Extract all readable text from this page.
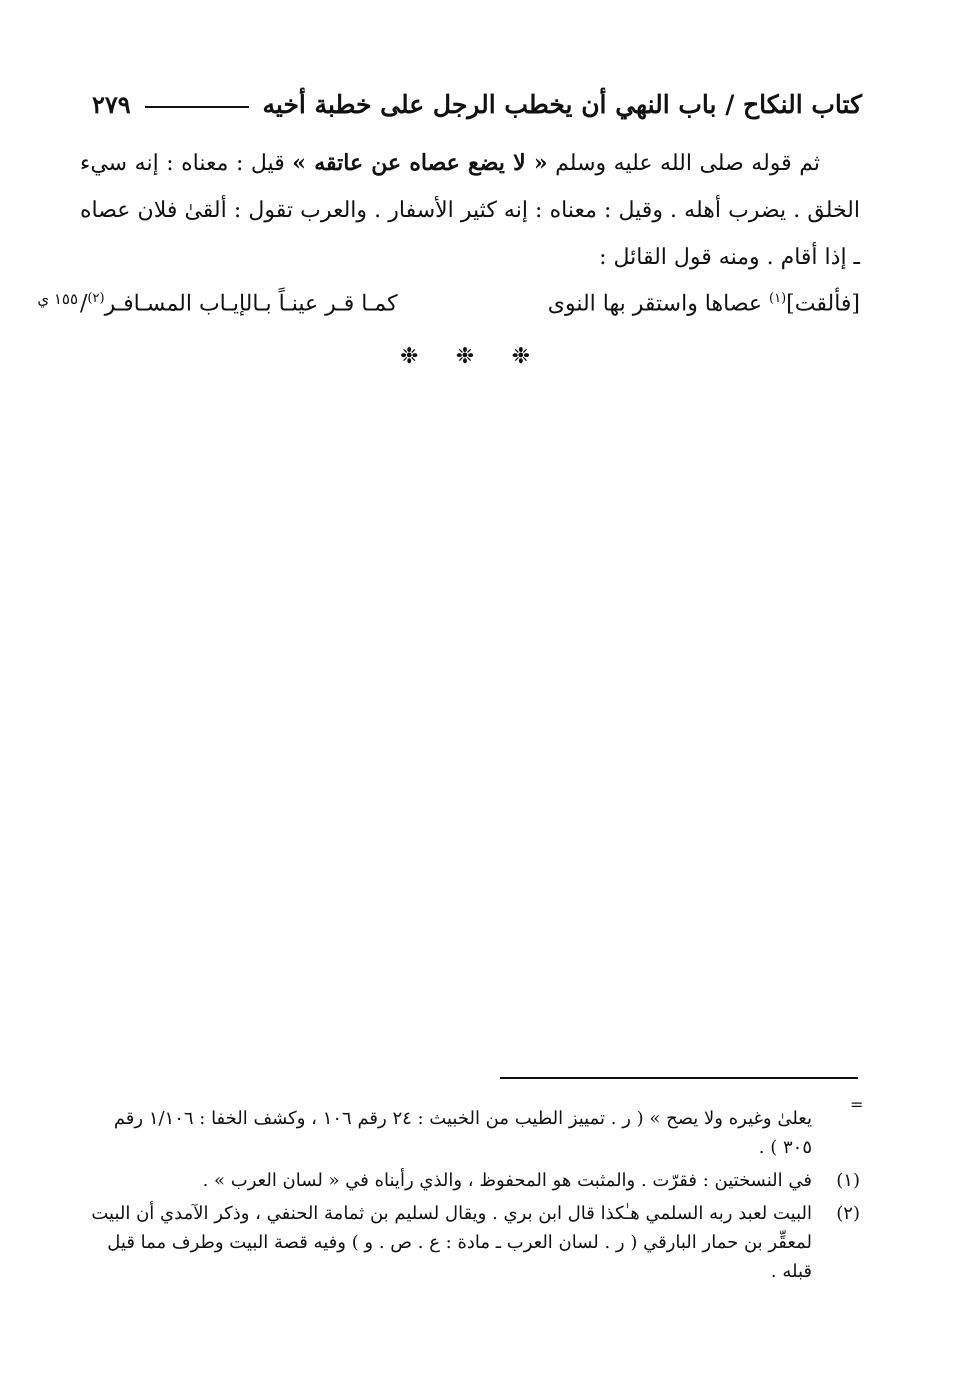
كتاب النكاح / باب النهي أن يخطب الرجل على خطبة أخيه
٢٧٩

ثم قوله صلى الله عليه وسلم « لا يضع عصاه عن عاتقه » قيل : معناه : إنه سيء الخلق . يضرب أهله . وقيل : معناه : إنه كثير الأسفار . والعرب تقول : ألقىٰ فلان عصاه ـ إذا أقام . ومنه قول القائل :

[فألقت]$^{(١)}$ عصاها واستقر بها النوى
كمـا قـر عينـاً بـالإيـاب المسـافـر$^{(٢)}$/
١٥٥ ي
❉
❉
❉
=

يعلىٰ وغيره ولا يصح » ( ر . تمييز الطيب من الخبيث : ٢٤ رقم ١٠٦ ، وكشف الخفا : ١/١٠٦ رقم ٣٠٥ ) .

(١)
في النسختين : فقرّت . والمثبت هو المحفوظ ، والذي رأيناه في « لسان العرب » .
(٢)
البيت لعبد ربه السلمي هـٰكذا قال ابن بري . ويقال لسليم بن ثمامة الحنفي ، وذكر الآمدي أن البيت لمعقِّر بن حمار البارقي ( ر . لسان العرب ـ مادة : ع . ص . و ) وفيه قصة البيت وطرف مما قيل قبله .
